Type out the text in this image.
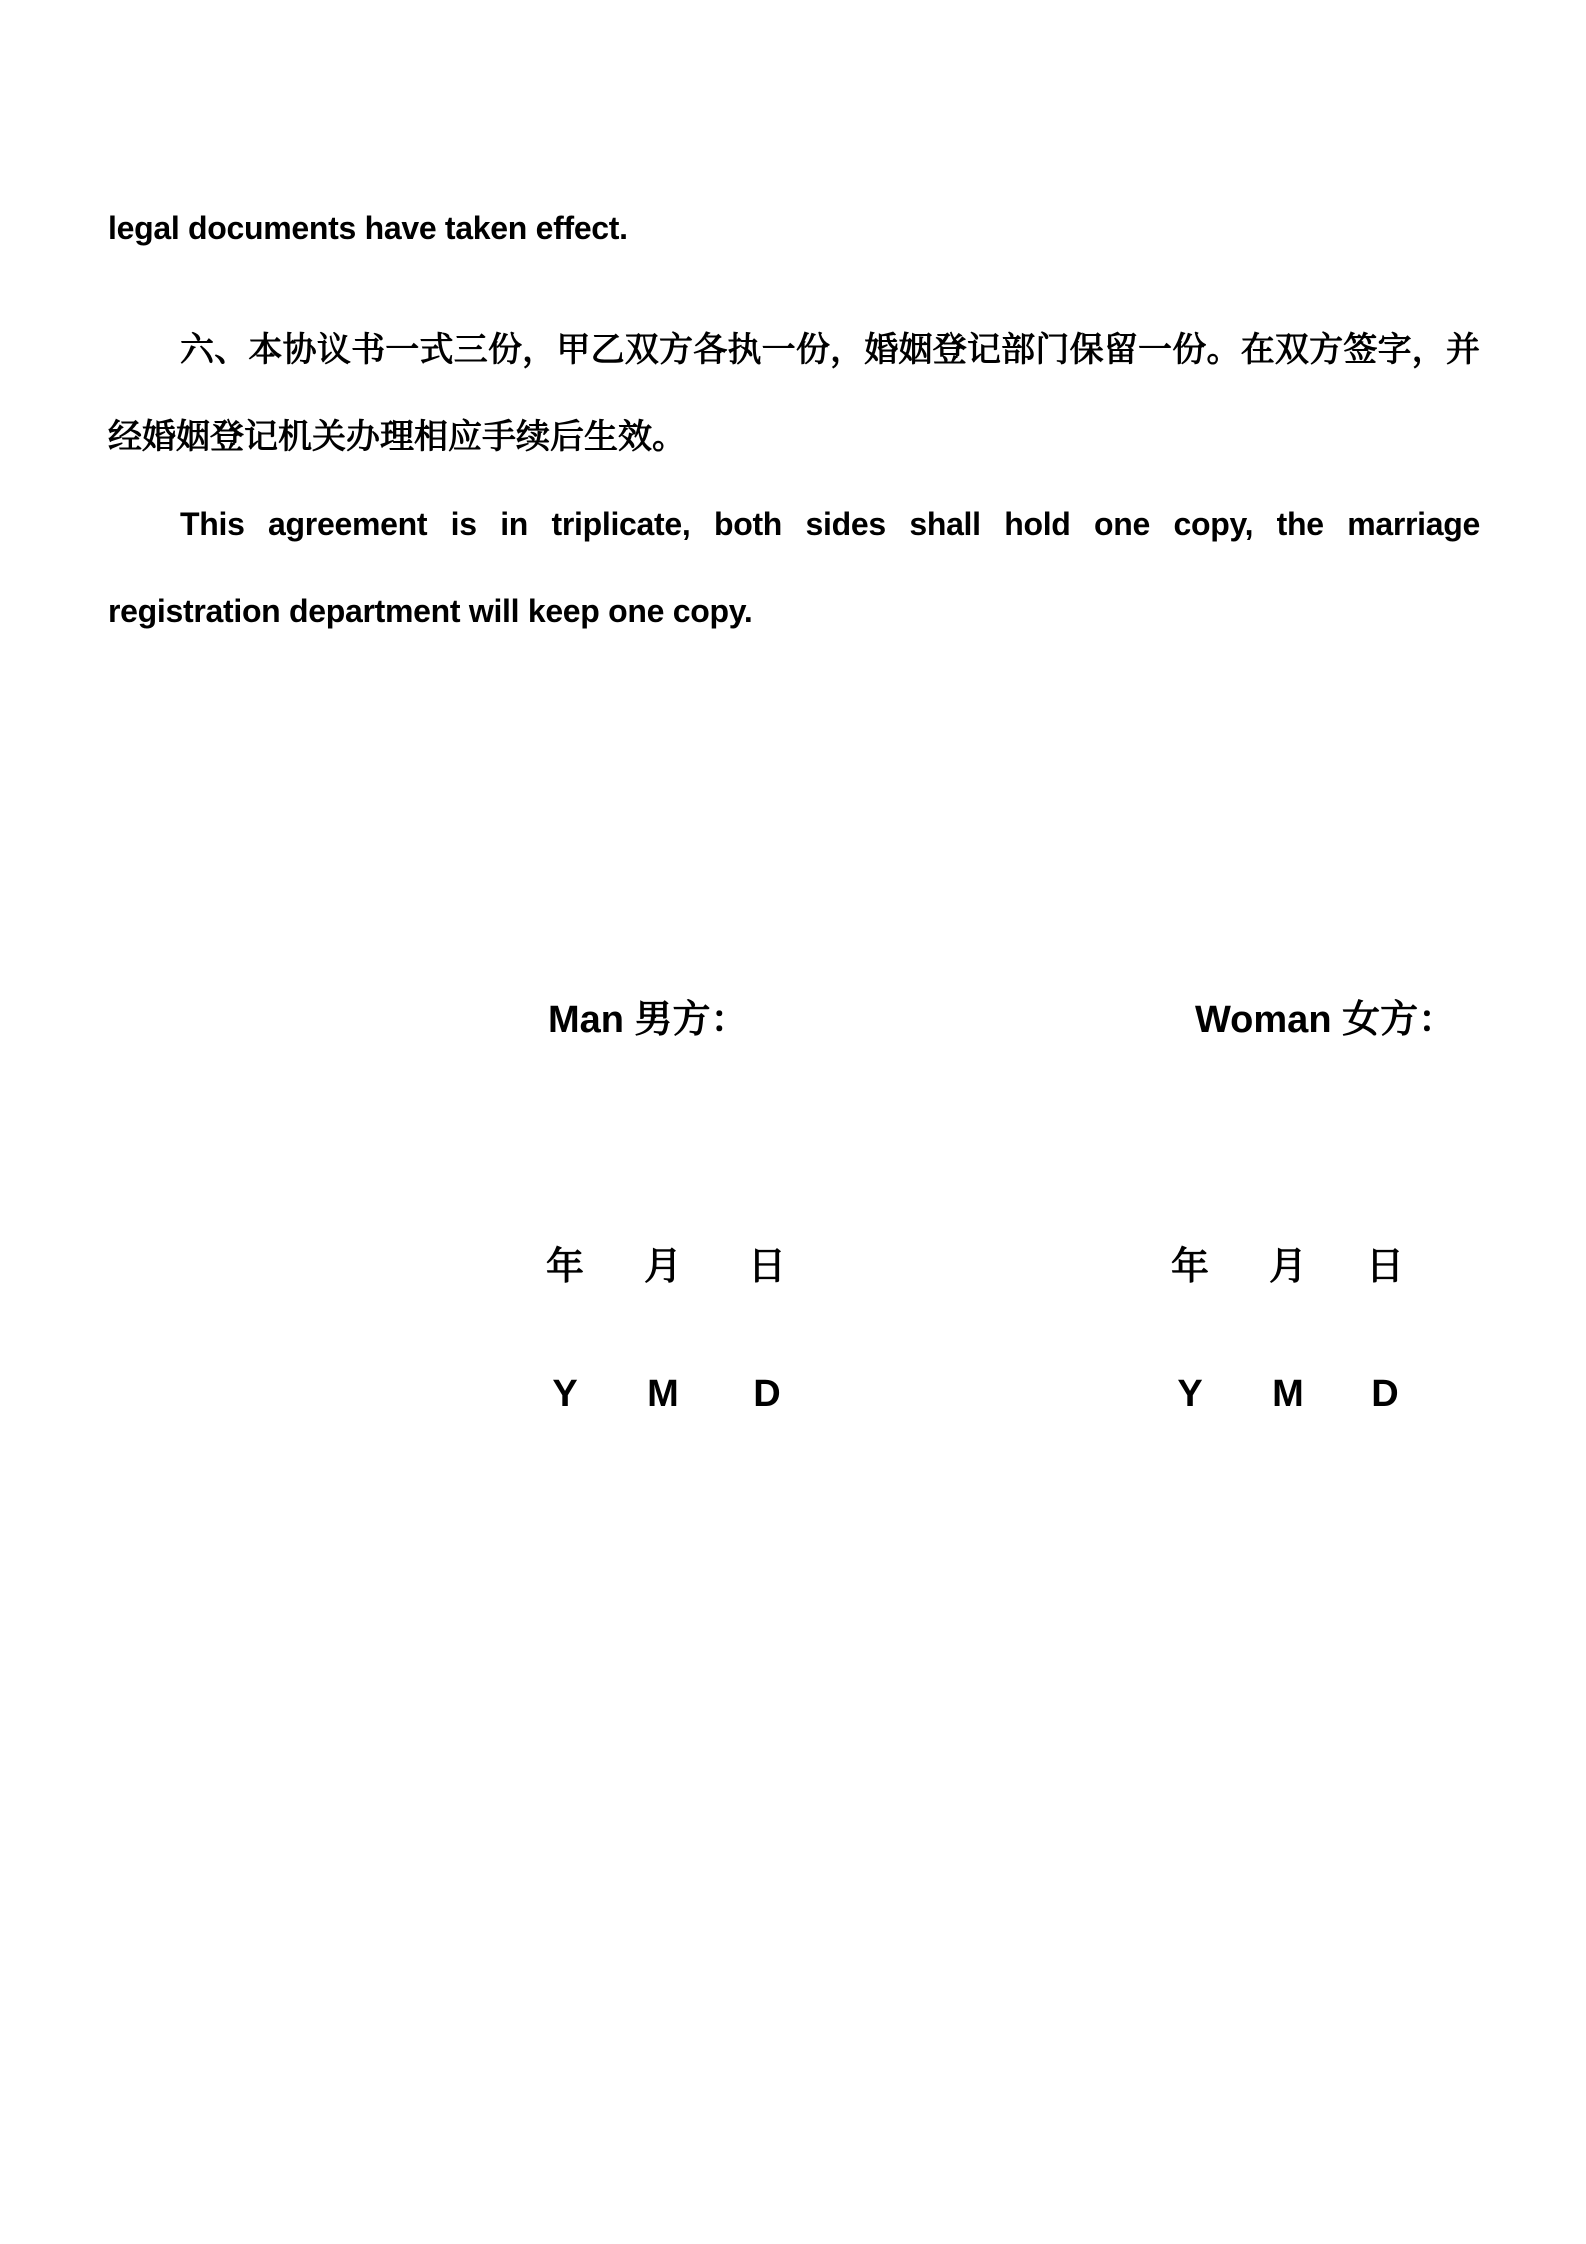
legal documents have taken effect.
六、本协议书一式三份，甲乙双方各执一份，婚姻登记部门保留一份。在双方签字，并
经婚姻登记机关办理相应手续后生效。
This agreement is in triplicate, both sides shall hold one copy, the marriage
registration department will keep one copy.
Man 男方：	Woman 女方：
年 月 日	年 月 日
Y M D	Y M D
